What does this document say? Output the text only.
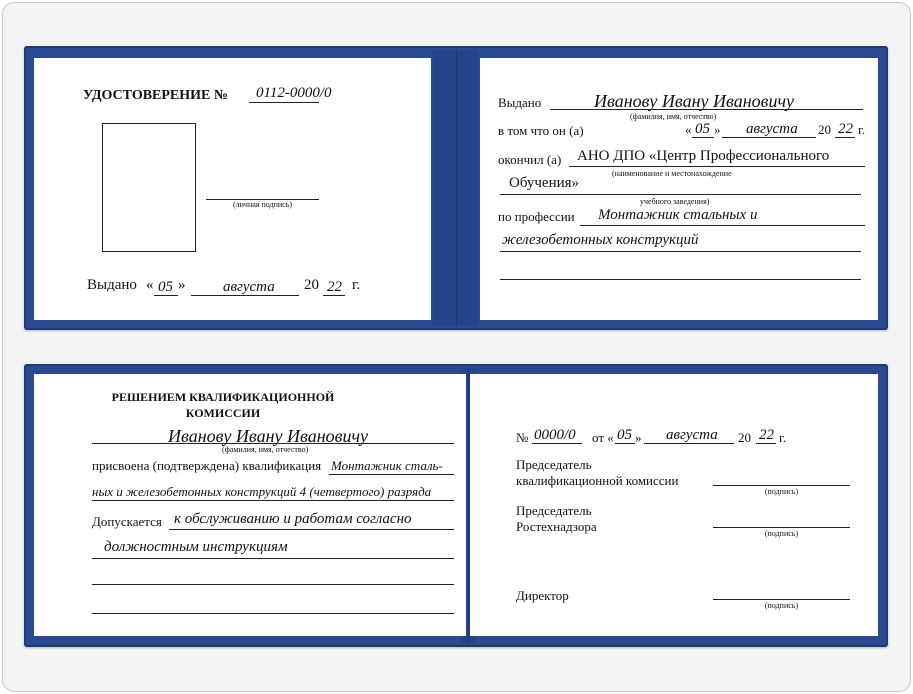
УДОСТОВЕРЕНИЕ № 0112-0000/0
(личная подпись)
Выдано « 05 »	августа 20 22 г.
Выдано	Иванову Ивану Ивановичу
(фамилия, имя, отчество)
в том что он (а)	« 05 » августа 20 22 г.
окончил (а) АНО ДПО «Центр Профессионального
(наименование и местонахождение
Обучения»
учебного заведения)
по профессии Монтажник стальных и
железобетонных конструкций
РЕШЕНИЕМ КВАЛИФИКАЦИОННОЙ
КОМИССИИ
Иванову Ивану Ивановичу
(фамилия, имя, отчество)
присвоена (подтверждена) квалификация Монтажник сталь-
ных и железобетонных конструкций 4 (четвертого) разряда
Допускается к обслуживанию и работам согласно
должностным инструкциям
№ 0000/0 от « 05 » августа 20 22 г.
Председатель
квалификационной комиссии
(подпись)
Председатель
Ростехнадзора	(подпись)
Директор
(подпись)
